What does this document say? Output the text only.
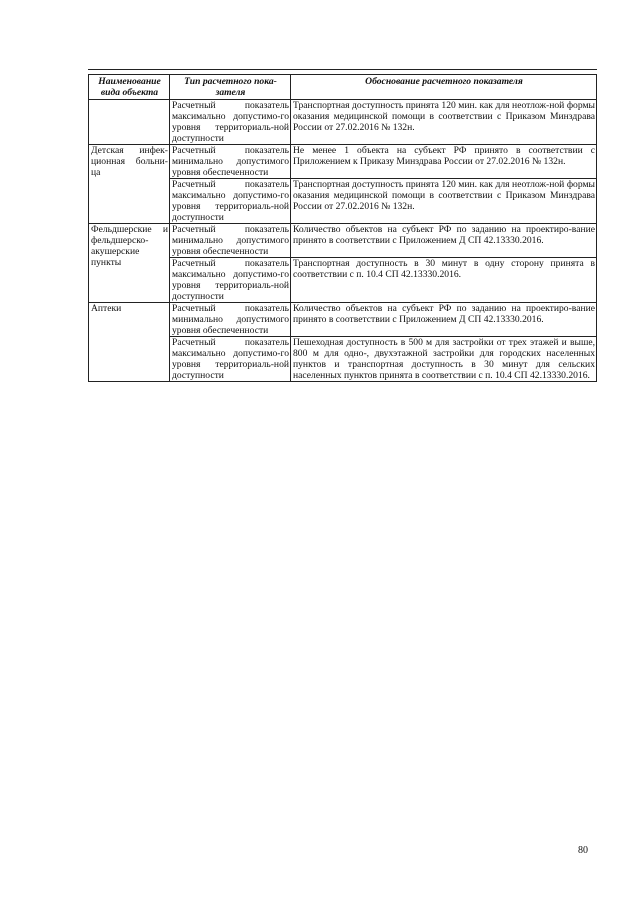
Наименование вида объекта	Тип расчетного пока-зателя	Обоснование расчетного показателя
	Расчетный показатель максимально допустимо-го уровня территориаль-ной доступности	Транспортная доступность принята 120 мин. как для неотлож-ной формы оказания медицинской помощи в соответствии с Приказом Минздрава России от 27.02.2016 № 132н.
Детская инфек-ционная больни-ца	Расчетный показатель минимально допустимого уровня обеспеченности	Не менее 1 объекта на субъект РФ принято в соответствии с Приложением к Приказу Минздрава России от 27.02.2016 № 132н.
	Расчетный показатель максимально допустимо-го уровня территориаль-ной доступности	Транспортная доступность принята 120 мин. как для неотлож-ной формы оказания медицинской помощи в соответствии с Приказом Минздрава России от 27.02.2016 № 132н.
Фельдшерские и фельдшерско-акушерские пункты	Расчетный показатель минимально допустимого уровня обеспеченности	Количество объектов на субъект РФ по заданию на проектиро-вание принято в соответствии с Приложением Д СП 42.13330.2016.
	Расчетный показатель максимально допустимо-го уровня территориаль-ной доступности	Транспортная доступность в 30 минут в одну сторону принята в соответствии с п. 10.4 СП 42.13330.2016.
Аптеки	Расчетный показатель минимально допустимого уровня обеспеченности	Количество объектов на субъект РФ по заданию на проектиро-вание принято в соответствии с Приложением Д СП 42.13330.2016.
	Расчетный показатель максимально допустимо-го уровня территориаль-ной доступности	Пешеходная доступность в 500 м для застройки от трех этажей и выше, 800 м для одно-, двухэтажной застройки для городских населенных пунктов и транспортная доступность в 30 минут для сельских населенных пунктов принята в соответствии с п. 10.4 СП 42.13330.2016.
80
